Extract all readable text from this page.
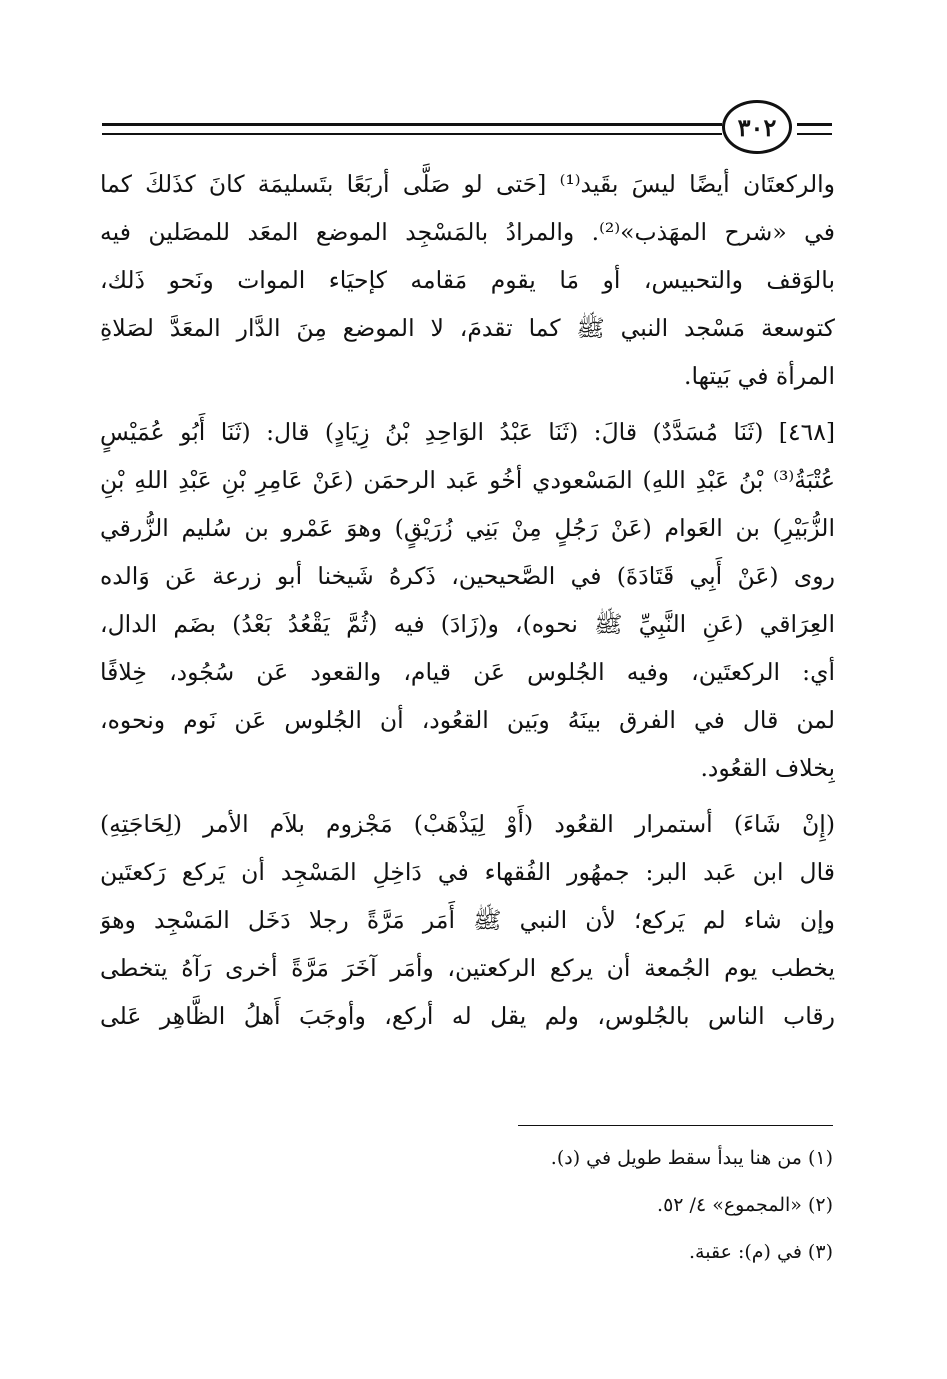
٣٠٢
والركعتَان أيضًا ليسَ بقَيد⁽¹⁾ [حَتى لو صَلَّى أربَعًا بتَسليمَة كانَ كذَلكَ كما
في «شرح المهَذب»⁽²⁾. والمرادُ بالمَسْجِد الموضع المعَد للمصَلين فيه
بالوَقف والتحبيس، أو مَا يقوم مَقامه كإحيَاء الموات ونَحو ذَلك،
كتوسعة مَسْجد النبي ﷺ كما تقدمَ، لا الموضع مِنَ الدَّار المعَدَّ لصَلاةِ
المرأة في بَيتها.
[٤٦٨] (ثَنَا مُسَدَّدٌ) قالَ: (ثَنَا عَبْدُ الوَاحِدِ بْنُ زِيَادٍ) قال: (ثَنَا أَبُو عُمَيْسٍ
عُتْبَةُ⁽³⁾ بْنُ عَبْدِ اللهِ) المَسْعودي أخُو عَبد الرحمَن (عَنْ عَامِرِ بْنِ عَبْدِ اللهِ بْنِ
الزُّبَيْرِ) بن العَوام (عَنْ رَجُلٍ مِنْ بَنِي زُرَيْقٍ) وهوَ عَمْرو بن سُليم الزُّرقي
روى (عَنْ أَبِي قَتَادَةَ) في الصَّحيحين، ذَكرهُ شَيخنا أبو زرعة عَن وَالده
العِرَاقي (عَنِ النَّبِيِّ ﷺ نحوه)، و(زَادَ) فيه (ثُمَّ يَقْعُدُ بَعْدُ) بضَم الدال،
أي: الركعتَين، وفيه الجُلوس عَن قيام، والقعود عَن سُجُود، خِلافًا
لمن قال في الفرق بينَهُ وبَين القعُود، أن الجُلوس عَن نَوم ونحوه،
بِخلاف القعُود.
(إِنْ شَاءَ) أستمرار القعُود (أَوْ لِيَذْهَبْ) مَجْزوم بلاَم الأمر (لِحَاجَتِهِ)
قال ابن عَبد البر: جمهُور الفُقهاء في دَاخِلِ المَسْجِد أن يَركع رَكعتَين
وإن شاء لم يَركع؛ لأن النبي ﷺ أَمَر مَرَّةً رجلا دَخَل المَسْجِد وهوَ
يخطب يوم الجُمعة أن يركع الركعتين، وأمَر آخَرَ مَرَّةً أخرى رَآهُ يتخطى
رقاب الناس بالجُلوس، ولم يقل له أركع، وأوجَبَ أَهلُ الظَّاهِر عَلى
(١) من هنا يبدأ سقط طويل في (د).
(٢) «المجموع» ٤/ ٥٢.
(٣) في (م): عقبة.
